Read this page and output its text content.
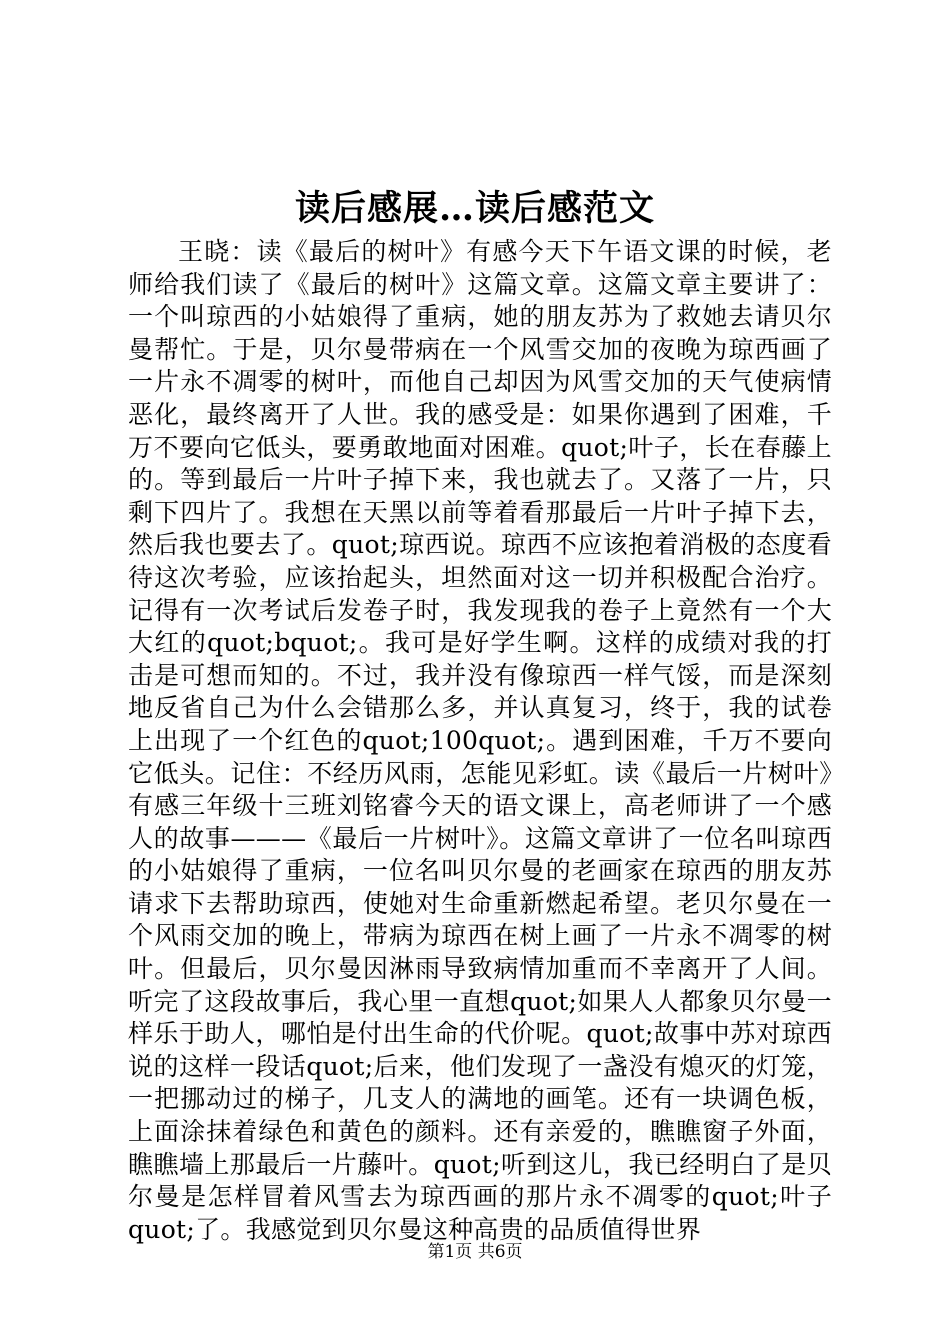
读后感展…读后感范文

王晓：读《最后的树叶》有感今天下午语文课的时候，老师给我们读了《最后的树叶》这篇文章。这篇文章主要讲了：一个叫琼西的小姑娘得了重病，她的朋友苏为了救她去请贝尔曼帮忙。于是，贝尔曼带病在一个风雪交加的夜晚为琼西画了一片永不凋零的树叶，而他自己却因为风雪交加的天气使病情恶化，最终离开了人世。我的感受是：如果你遇到了困难，千万不要向它低头，要勇敢地面对困难。quot;叶子，长在春藤上的。等到最后一片叶子掉下来，我也就去了。又落了一片，只剩下四片了。我想在天黑以前等着看那最后一片叶子掉下去，然后我也要去了。quot;琼西说。琼西不应该抱着消极的态度看待这次考验，应该抬起头，坦然面对这一切并积极配合治疗。记得有一次考试后发卷子时，我发现我的卷子上竟然有一个大大红的quot;bquot;。我可是好学生啊。这样的成绩对我的打击是可想而知的。不过，我并没有像琼西一样气馁，而是深刻地反省自己为什么会错那么多，并认真复习，终于，我的试卷上出现了一个红色的quot;100quot;。遇到困难，千万不要向它低头。记住：不经历风雨，怎能见彩虹。读《最后一片树叶》有感三年级十三班刘铭睿今天的语文课上，高老师讲了一个感人的故事———《最后一片树叶》。这篇文章讲了一位名叫琼西的小姑娘得了重病，一位名叫贝尔曼的老画家在琼西的朋友苏请求下去帮助琼西，使她对生命重新燃起希望。老贝尔曼在一个风雨交加的晚上，带病为琼西在树上画了一片永不凋零的树叶。但最后，贝尔曼因淋雨导致病情加重而不幸离开了人间。听完了这段故事后，我心里一直想quot;如果人人都象贝尔曼一样乐于助人，哪怕是付出生命的代价呢。quot;故事中苏对琼西说的这样一段话quot;后来，他们发现了一盏没有熄灭的灯笼，一把挪动过的梯子，几支人的满地的画笔。还有一块调色板，上面涂抹着绿色和黄色的颜料。还有亲爱的，瞧瞧窗子外面，瞧瞧墙上那最后一片藤叶。quot;听到这儿，我已经明白了是贝尔曼是怎样冒着风雪去为琼西画的那片永不凋零的quot;叶子quot;了。我感觉到贝尔曼这种高贵的品质值得世界

第1页 共6页
